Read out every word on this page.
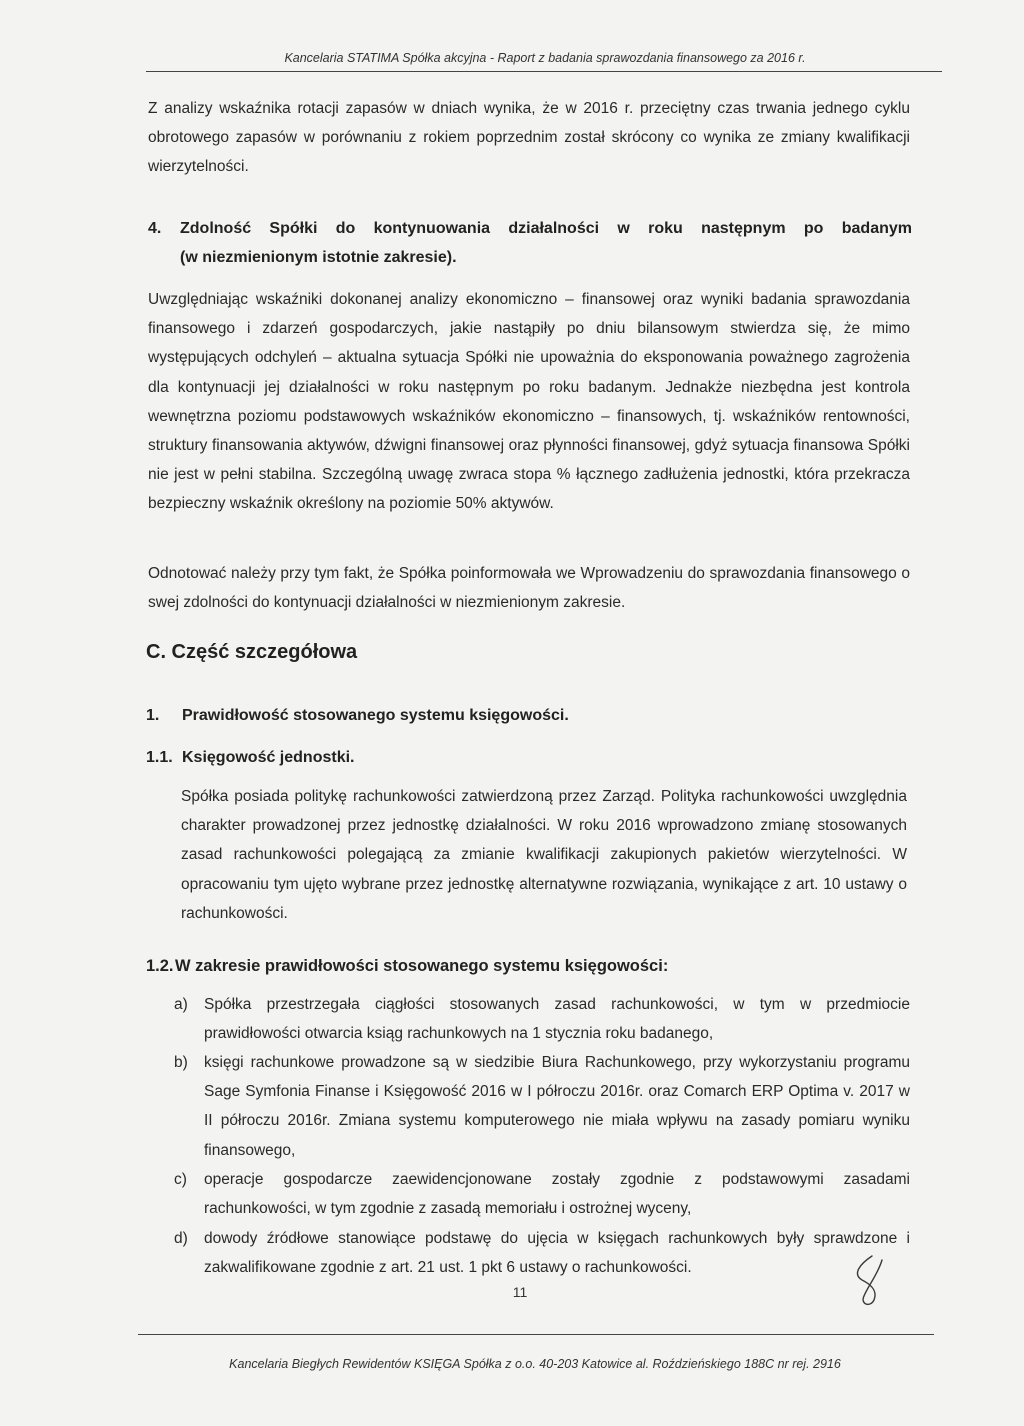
Kancelaria STATIMA Spółka akcyjna - Raport z badania sprawozdania finansowego za 2016 r.
Z analizy wskaźnika rotacji zapasów w dniach wynika, że w 2016 r. przeciętny czas trwania jednego cyklu obrotowego zapasów w porównaniu z rokiem poprzednim został skrócony co wynika ze zmiany kwalifikacji wierzytelności.
4. Zdolność Spółki do kontynuowania działalności w roku następnym po badanym
(w niezmienionym istotnie zakresie).
Uwzględniając wskaźniki dokonanej analizy ekonomiczno – finansowej oraz wyniki badania sprawozdania finansowego i zdarzeń gospodarczych, jakie nastąpiły po dniu bilansowym stwierdza się, że mimo występujących odchyleń – aktualna sytuacja Spółki nie upoważnia do eksponowania poważnego zagrożenia dla kontynuacji jej działalności w roku następnym po roku badanym. Jednakże niezbędna jest kontrola wewnętrzna poziomu podstawowych wskaźników ekonomiczno – finansowych, tj. wskaźników rentowności, struktury finansowania aktywów, dźwigni finansowej oraz płynności finansowej, gdyż sytuacja finansowa Spółki nie jest w pełni stabilna. Szczególną uwagę zwraca stopa % łącznego zadłużenia jednostki, która przekracza bezpieczny wskaźnik określony na poziomie 50% aktywów.
Odnotować należy przy tym fakt, że Spółka poinformowała we Wprowadzeniu do sprawozdania finansowego o swej zdolności do kontynuacji działalności w niezmienionym zakresie.
C. Część szczegółowa
1. Prawidłowość stosowanego systemu księgowości.
1.1. Księgowość jednostki.
Spółka posiada politykę rachunkowości zatwierdzoną przez Zarząd. Polityka rachunkowości uwzględnia charakter prowadzonej przez jednostkę działalności. W roku 2016 wprowadzono zmianę stosowanych zasad rachunkowości polegającą za zmianie kwalifikacji zakupionych pakietów wierzytelności. W opracowaniu tym ujęto wybrane przez jednostkę alternatywne rozwiązania, wynikające z art. 10 ustawy o rachunkowości.
1.2. W zakresie prawidłowości stosowanego systemu księgowości:
a) Spółka przestrzegała ciągłości stosowanych zasad rachunkowości, w tym w przedmiocie prawidłowości otwarcia ksiąg rachunkowych na 1 stycznia roku badanego,
b) księgi rachunkowe prowadzone są w siedzibie Biura Rachunkowego, przy wykorzystaniu programu Sage Symfonia Finanse i Księgowość 2016 w I półroczu 2016r. oraz Comarch ERP Optima v. 2017 w II półroczu 2016r. Zmiana systemu komputerowego nie miała wpływu na zasady pomiaru wyniku finansowego,
c) operacje gospodarcze zaewidencjonowane zostały zgodnie z podstawowymi zasadami rachunkowości, w tym zgodnie z zasadą memoriału i ostrożnej wyceny,
d) dowody źródłowe stanowiące podstawę do ujęcia w księgach rachunkowych były sprawdzone i zakwalifikowane zgodnie z art. 21 ust. 1 pkt 6 ustawy o rachunkowości.
11
Kancelaria Biegłych Rewidentów KSIĘGA Spółka z o.o. 40-203 Katowice al. Roździeńskiego 188C nr rej. 2916
